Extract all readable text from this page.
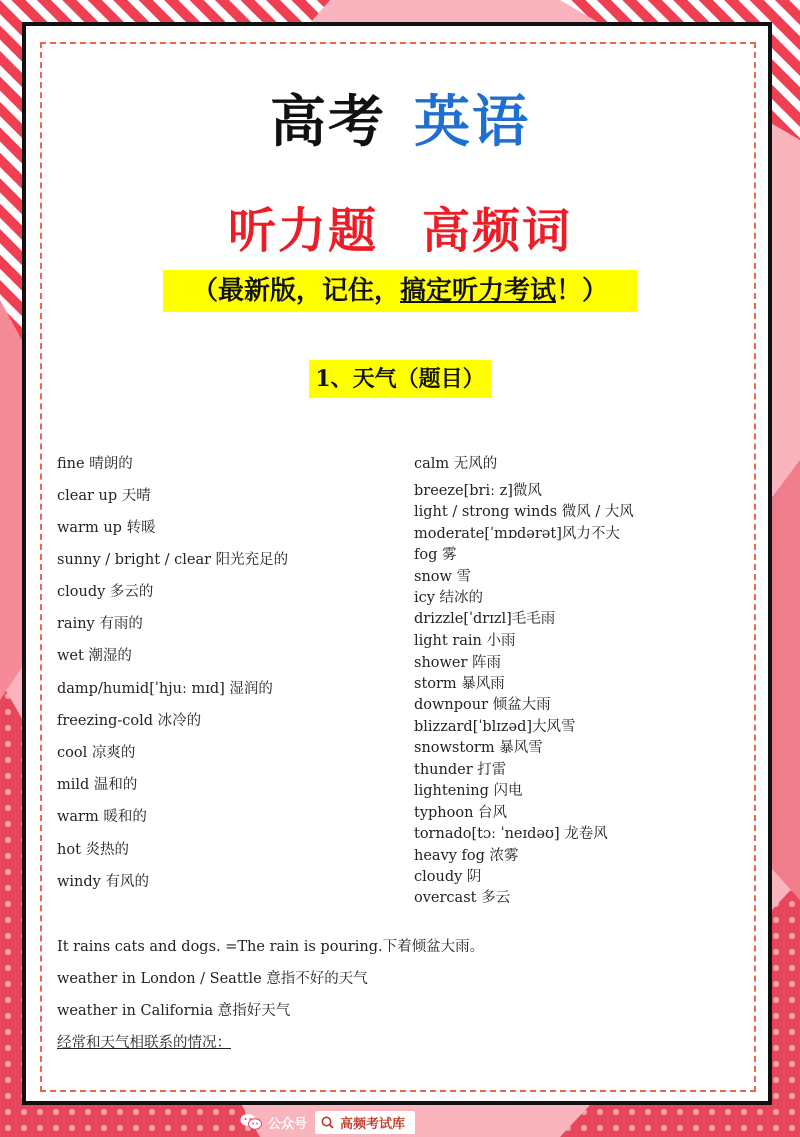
高考 英语
听力题 高频词
（最新版，记住，搞定听力考试！）
1、天气（题目）
fine 晴朗的
clear up 天晴
warm up 转暖
sunny / bright / clear 阳光充足的
cloudy 多云的
rainy 有雨的
wet 潮湿的
damp/humid[ˈhjuː mɪd] 湿润的
freezing-cold 冰冷的
cool 凉爽的
mild 温和的
warm 暖和的
hot 炎热的
windy 有风的
calm 无风的
breeze[briː z]微风
light / strong winds 微风 / 大风
moderate[ˈmɒdərət]风力不大
fog 雾
snow 雪
icy 结冰的
drizzle[ˈdrɪzl]毛毛雨
light rain 小雨
shower 阵雨
storm 暴风雨
downpour 倾盆大雨
blizzard[ˈblɪzəd]大风雪
snowstorm 暴风雪
thunder 打雷
lightening 闪电
typhoon 台风
tornado[tɔː ˈneɪdəʊ] 龙卷风
heavy fog 浓雾
cloudy 阴
overcast 多云
It rains cats and dogs. =The rain is pouring.下着倾盆大雨。
weather in London / Seattle 意指不好的天气
weather in California 意指好天气
经常和天气相联系的情况：
公众号	高频考试库
